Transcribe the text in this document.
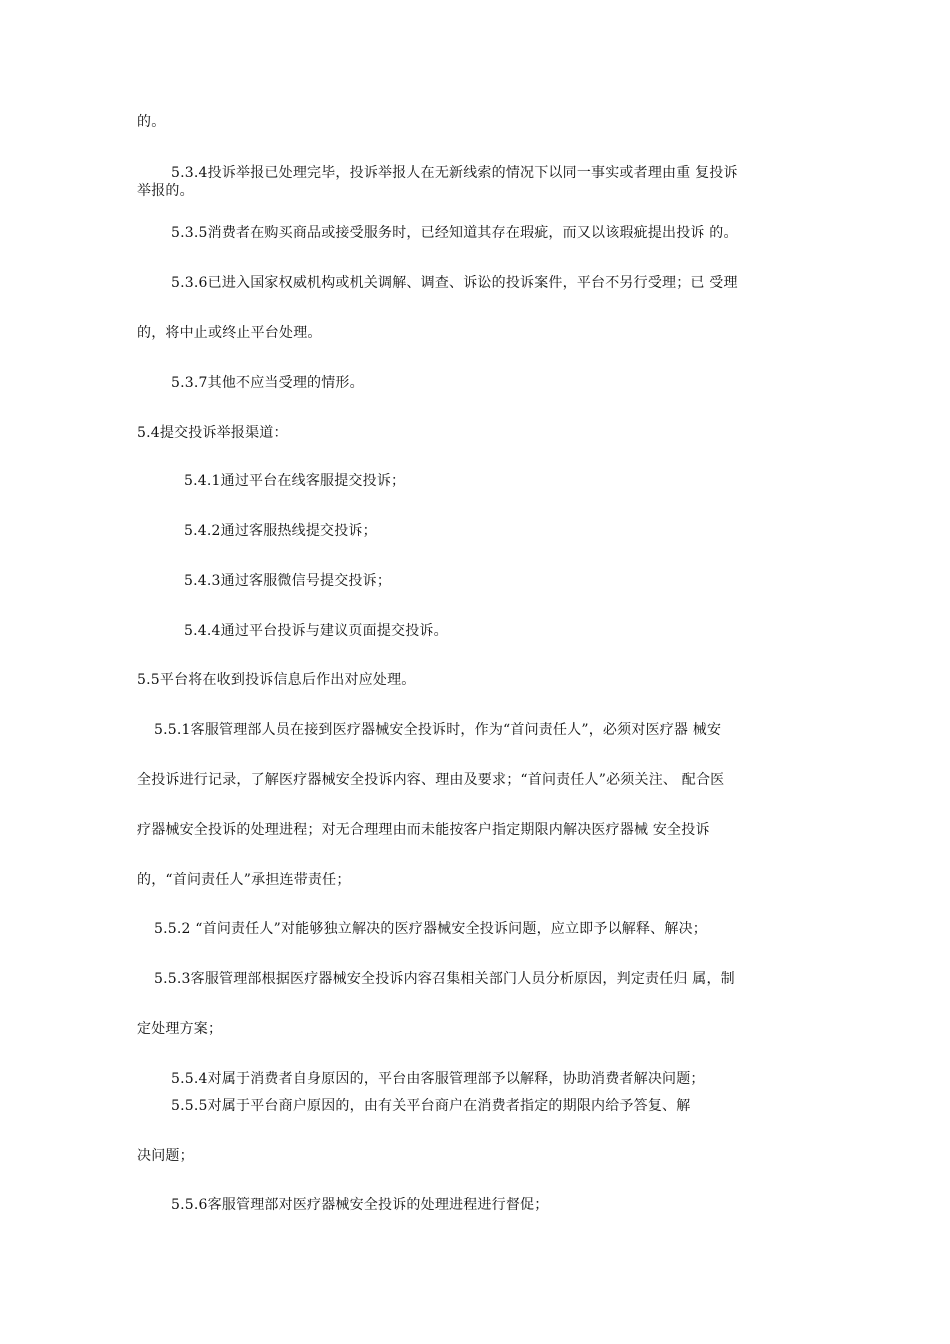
的。
5.3.4投诉举报已处理完毕，投诉举报人在无新线索的情况下以同一事实或者理由重 复投诉
举报的。
5.3.5消费者在购买商品或接受服务时，已经知道其存在瑕疵，而又以该瑕疵提出投诉 的。
5.3.6已进入国家权威机构或机关调解、调查、诉讼的投诉案件，平台不另行受理；已 受理
的，将中止或终止平台处理。
5.3.7其他不应当受理的情形。
5.4提交投诉举报渠道：
5.4.1通过平台在线客服提交投诉；
5.4.2通过客服热线提交投诉；
5.4.3通过客服微信号提交投诉；
5.4.4通过平台投诉与建议页面提交投诉。
5.5平台将在收到投诉信息后作出对应处理。
5.5.1客服管理部人员在接到医疗器械安全投诉时，作为“首问责任人”，必须对医疗器 械安
全投诉进行记录，了解医疗器械安全投诉内容、理由及要求；“首问责任人”必须关注、 配合医
疗器械安全投诉的处理进程；对无合理理由而未能按客户指定期限内解决医疗器械 安全投诉
的，“首问责任人”承担连带责任；
5.5.2 “首问责任人”对能够独立解决的医疗器械安全投诉问题，应立即予以解释、解决；
5.5.3客服管理部根据医疗器械安全投诉内容召集相关部门人员分析原因，判定责任归 属，制
定处理方案；
5.5.4对属于消费者自身原因的，平台由客服管理部予以解释，协助消费者解决问题；
5.5.5对属于平台商户原因的，由有关平台商户在消费者指定的期限内给予答复、解
决问题；
5.5.6客服管理部对医疗器械安全投诉的处理进程进行督促；
